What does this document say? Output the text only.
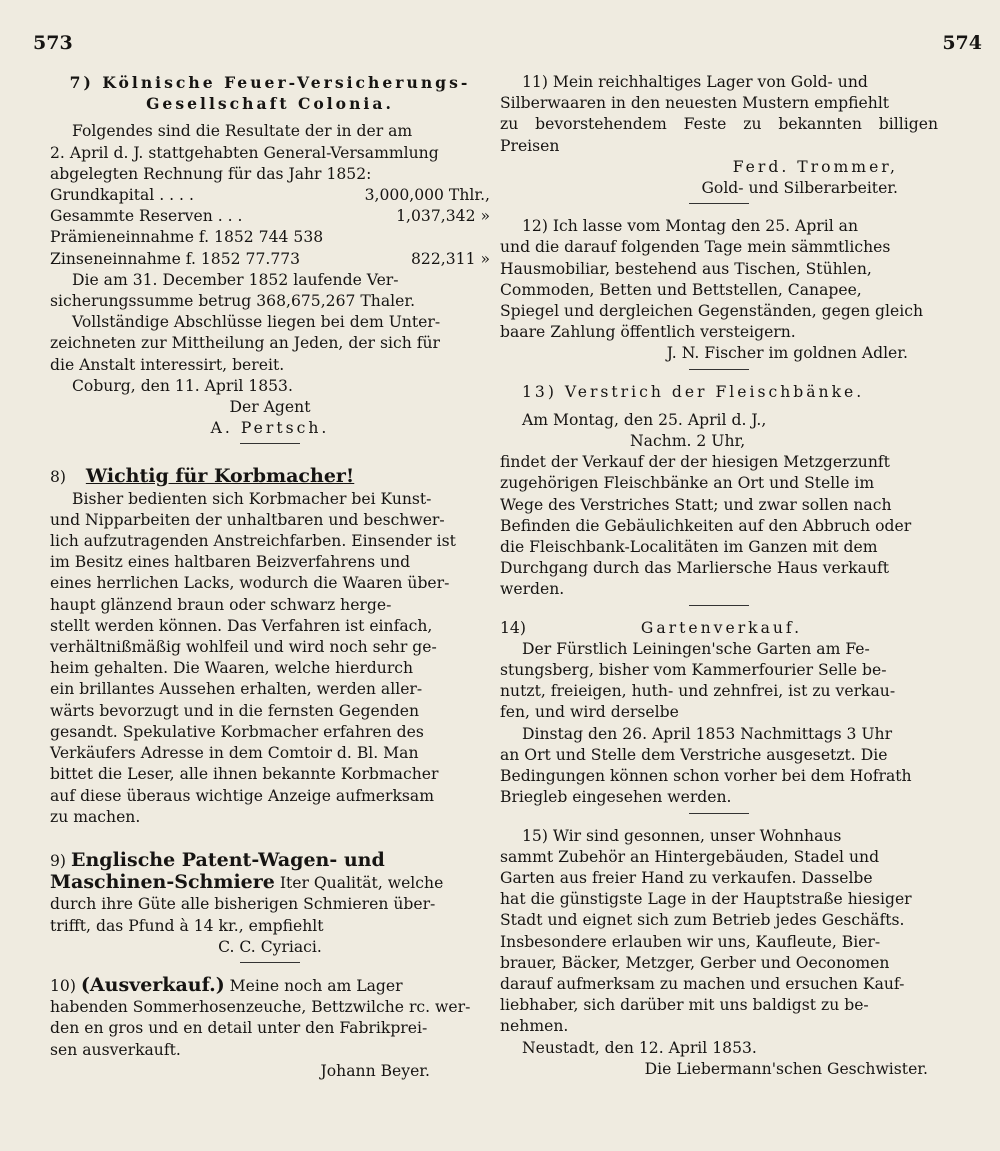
573	574

7) Kölnische Feuer-Versicherungs-

Gesellschaft Colonia.

Folgendes sind die Resultate der in der am

2. April d. J. stattgehabten General-Versammlung

abgelegten Rechnung für das Jahr 1852:

Grundkapital . . . .	3,000,000 Thlr.,
Gesammte Reserven . . .	1,037,342 »

Prämieneinnahme f. 1852 744 538

Zinseneinnahme f. 1852 77.773	822,311 »

Die am 31. December 1852 laufende Ver-

sicherungssumme betrug 368,675,267 Thaler.

Vollständige Abschlüsse liegen bei dem Unter-

zeichneten zur Mittheilung an Jeden, der sich für

die Anstalt interessirt, bereit.

Coburg, den 11. April 1853.

Der Agent

A. Pertsch.

8) Wichtig für Korbmacher!

Bisher bedienten sich Korbmacher bei Kunst-

und Nipparbeiten der unhaltbaren und beschwer-

lich aufzutragenden Anstreichfarben. Einsender ist

im Besitz eines haltbaren Beizverfahrens und

eines herrlichen Lacks, wodurch die Waaren über-

haupt glänzend braun oder schwarz herge-

stellt werden können. Das Verfahren ist einfach,

verhältnißmäßig wohlfeil und wird noch sehr ge-

heim gehalten. Die Waaren, welche hierdurch

ein brillantes Aussehen erhalten, werden aller-

wärts bevorzugt und in die fernsten Gegenden

gesandt. Spekulative Korbmacher erfahren des

Verkäufers Adresse in dem Comtoir d. Bl. Man

bittet die Leser, alle ihnen bekannte Korbmacher

auf diese überaus wichtige Anzeige aufmerksam

zu machen.

9) Englische Patent-Wagen- und

Maschinen-Schmiere Iter Qualität, welche

durch ihre Güte alle bisherigen Schmieren über-

trifft, das Pfund à 14 kr., empfiehlt

C. C. Cyriaci.

10) (Ausverkauf.) Meine noch am Lager

habenden Sommerhosenzeuche, Bettzwilche rc. wer-

den en gros und en detail unter den Fabrikprei-

sen ausverkauft.

Johann Beyer.

11) Mein reichhaltiges Lager von Gold- und

Silberwaaren in den neuesten Mustern empfiehlt

zu bevorstehendem Feste zu bekannten billigen Preisen

Ferd. Trommer,

Gold- und Silberarbeiter.

12) Ich lasse vom Montag den 25. April an

und die darauf folgenden Tage mein sämmtliches

Hausmobiliar, bestehend aus Tischen, Stühlen,

Commoden, Betten und Bettstellen, Canapee,

Spiegel und dergleichen Gegenständen, gegen gleich

baare Zahlung öffentlich versteigern.

J. N. Fischer im goldnen Adler.

13) Verstrich der Fleischbänke.

Am Montag, den 25. April d. J.,

Nachm. 2 Uhr,

findet der Verkauf der der hiesigen Metzgerzunft

zugehörigen Fleischbänke an Ort und Stelle im

Wege des Verstriches Statt; und zwar sollen nach

Befinden die Gebäulichkeiten auf den Abbruch oder

die Fleischbank-Localitäten im Ganzen mit dem

Durchgang durch das Marliersche Haus verkauft

werden.

14)	Gartenverkauf.

Der Fürstlich Leiningen'sche Garten am Fe-

stungsberg, bisher vom Kammerfourier Selle be-

nutzt, freieigen, huth- und zehnfrei, ist zu verkau-

fen, und wird derselbe

Dinstag den 26. April 1853 Nachmittags 3 Uhr

an Ort und Stelle dem Verstriche ausgesetzt. Die

Bedingungen können schon vorher bei dem Hofrath

Briegleb eingesehen werden.

15) Wir sind gesonnen, unser Wohnhaus

sammt Zubehör an Hintergebäuden, Stadel und

Garten aus freier Hand zu verkaufen. Dasselbe

hat die günstigste Lage in der Hauptstraße hiesiger

Stadt und eignet sich zum Betrieb jedes Geschäfts.

Insbesondere erlauben wir uns, Kaufleute, Bier-

brauer, Bäcker, Metzger, Gerber und Oeconomen

darauf aufmerksam zu machen und ersuchen Kauf-

liebhaber, sich darüber mit uns baldigst zu be-

nehmen.

Neustadt, den 12. April 1853.

Die Liebermann'schen Geschwister.
